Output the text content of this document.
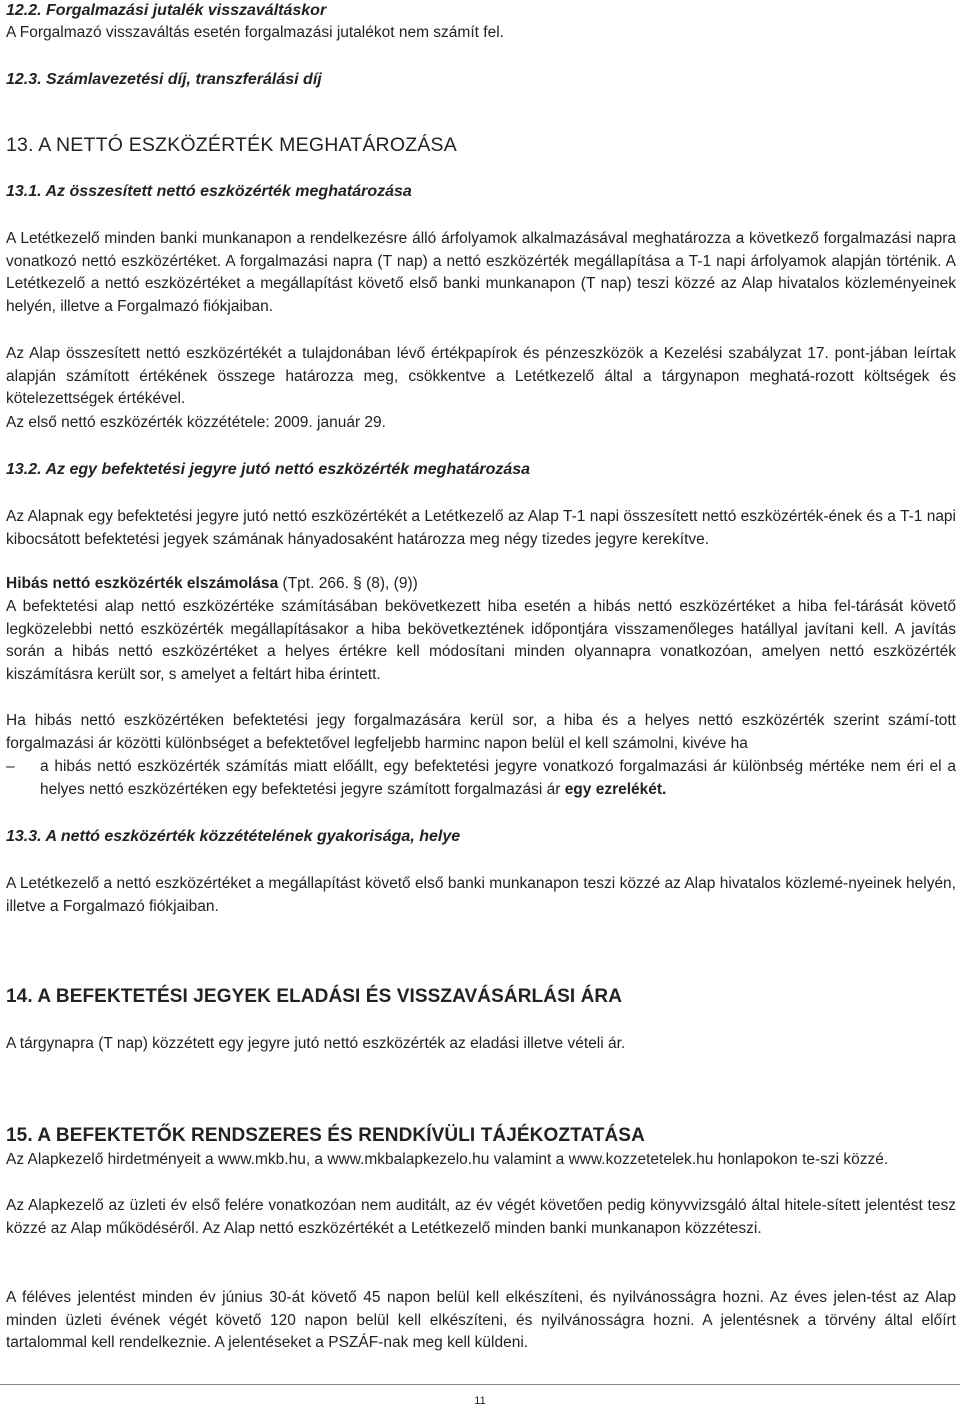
12.2. Forgalmazási jutalék visszaváltáskor
A Forgalmazó visszaváltás esetén forgalmazási jutalékot nem számít fel.
12.3. Számlavezetési díj, transzferálási díj
13. A NETTÓ ESZKÖZÉRTÉK MEGHATÁROZÁSA
13.1. Az összesített nettó eszközérték meghatározása

A Letétkezelő minden banki munkanapon a rendelkezésre álló árfolyamok alkalmazásával meghatározza a következő forgalmazási napra vonatkozó nettó eszközértéket. A forgalmazási napra (T nap) a nettó eszközérték megállapítása a T-1 napi árfolyamok alapján történik. A Letétkezelő a nettó eszközértéket a megállapítást követő első banki munkanapon (T nap) teszi közzé az Alap hivatalos közleményeinek helyén, illetve a Forgalmazó fiókjaiban.

Az Alap összesített nettó eszközértékét a tulajdonában lévő értékpapírok és pénzeszközök a Kezelési szabályzat 17. pont-jában leírtak alapján számított értékének összege határozza meg, csökkentve a Letétkezelő által a tárgynapon meghatá-rozott költségek és kötelezettségek értékével.

Az első nettó eszközérték közzététele: 2009. január 29.

13.2. Az egy befektetési jegyre jutó nettó eszközérték meghatározása

Az Alapnak egy befektetési jegyre jutó nettó eszközértékét a Letétkezelő az Alap T-1 napi összesített nettó eszközérték-ének és a T-1 napi kibocsátott befektetési jegyek számának hányadosaként határozza meg négy tizedes jegyre kerekítve.

Hibás nettó eszközérték elszámolása (Tpt. 266. § (8), (9))

A befektetési alap nettó eszközértéke számításában bekövetkezett hiba esetén a hibás nettó eszközértéket a hiba fel-tárását követő legközelebbi nettó eszközérték megállapításakor a hiba bekövetkeztének időpontjára visszamenőleges hatállyal javítani kell. A javítás során a hibás nettó eszközértéket a helyes értékre kell módosítani minden olyannapra vonatkozóan, amelyen nettó eszközérték kiszámításra került sor, s amelyet a feltárt hiba érintett.

Ha hibás nettó eszközértéken befektetési jegy forgalmazására kerül sor, a hiba és a helyes nettó eszközérték szerint számí-tott forgalmazási ár közötti különbséget a befektetővel legfeljebb harminc napon belül el kell számolni, kivéve ha

– a hibás nettó eszközérték számítás miatt előállt, egy befektetési jegyre vonatkozó forgalmazási ár különbség mértéke nem éri el a helyes nettó eszközértéken egy befektetési jegyre számított forgalmazási ár egy ezrelékét.
13.3. A nettó eszközérték közzétételének gyakorisága, helye

A Letétkezelő a nettó eszközértéket a megállapítást követő első banki munkanapon teszi közzé az Alap hivatalos közlemé-nyeinek helyén, illetve a Forgalmazó fiókjaiban.

14. A BEFEKTETÉSI JEGYEK ELADÁSI ÉS VISSZAVÁSÁRLÁSI ÁRA

A tárgynapra (T nap) közzétett egy jegyre jutó nettó eszközérték az eladási illetve vételi ár.

15. A BEFEKTETŐK RENDSZERES ÉS RENDKÍVÜLI TÁJÉKOZTATÁSA

Az Alapkezelő hirdetményeit a www.mkb.hu, a www.mkbalapkezelo.hu valamint a www.kozzetetelek.hu honlapokon te-szi közzé.

Az Alapkezelő az üzleti év első felére vonatkozóan nem auditált, az év végét követően pedig könyvvizsgáló által hitele-sített jelentést tesz közzé az Alap működéséről. Az Alap nettó eszközértékét a Letétkezelő minden banki munkanapon közzéteszi.

A féléves jelentést minden év június 30-át követő 45 napon belül kell elkészíteni, és nyilvánosságra hozni. Az éves jelen-tést az Alap minden üzleti évének végét követő 120 napon belül kell elkészíteni, és nyilvánosságra hozni. A jelentésnek a törvény által előírt tartalommal kell rendelkeznie. A jelentéseket a PSZÁF-nak meg kell küldeni.

11
